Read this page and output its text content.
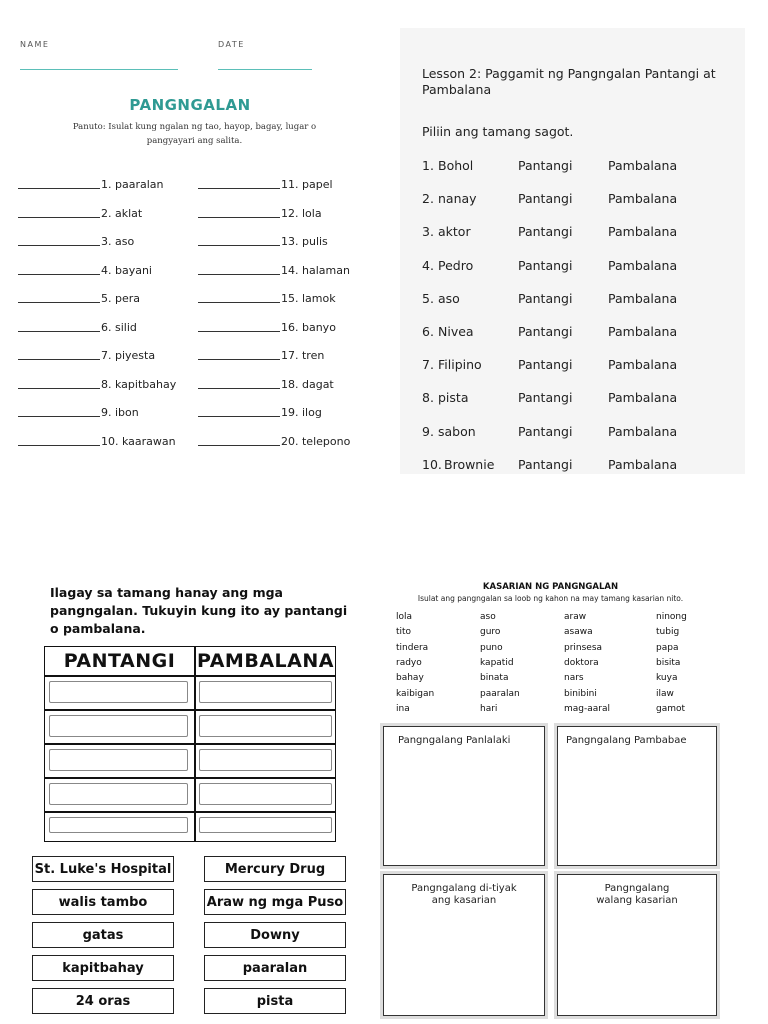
NAME	DATE
PANGNGALAN
Panuto: Isulat kung ngalan ng tao, hayop, bagay, lugar o
pangyayari ang salita.
1. paaralan
2. aklat
3. aso
4. bayani
5. pera
6. silid
7. piyesta
8. kapitbahay
9. ibon
10. kaarawan
11. papel
12. lola
13. pulis
14. halaman
15. lamok
16. banyo
17. tren
18. dagat
19. ilog
20. telepono
Lesson 2: Paggamit ng Pangngalan Pantangi at
Pambalana
Piliin ang tamang sagot.
1. Bohol	Pantangi	Pambalana
2. nanay	Pantangi	Pambalana
3. aktor	Pantangi	Pambalana
4. Pedro	Pantangi	Pambalana
5. aso	Pantangi	Pambalana
6. Nivea	Pantangi	Pambalana
7. Filipino	Pantangi	Pambalana
8. pista	Pantangi	Pambalana
9. sabon	Pantangi	Pambalana
10. Brownie Pantangi	Pambalana
Ilagay sa tamang hanay ang mga
pangngalan. Tukuyin kung ito ay pantangi
o pambalana.
PANTANGI	PAMBALANA
St. Luke's Hospital
walis tambo
gatas
kapitbahay
24 oras
Mercury Drug
Araw ng mga Puso
Downy
paaralan
pista
KASARIAN NG PANGNGALAN
Isulat ang pangngalan sa loob ng kahon na may tamang kasarian nito.
lola	aso	araw	ninong
tito	guro	asawa	tubig
tindera	puno	prinsesa	papa
radyo	kapatid	doktora	bisita
bahay	binata	nars	kuya
kaibigan	paaralan	binibini	ilaw
ina	hari	mag-aaral	gamot
Pangngalang Panlalaki	Pangngalang Pambabae
Pangngalang di-tiyak
ang kasarian
Pangngalang
walang kasarian
